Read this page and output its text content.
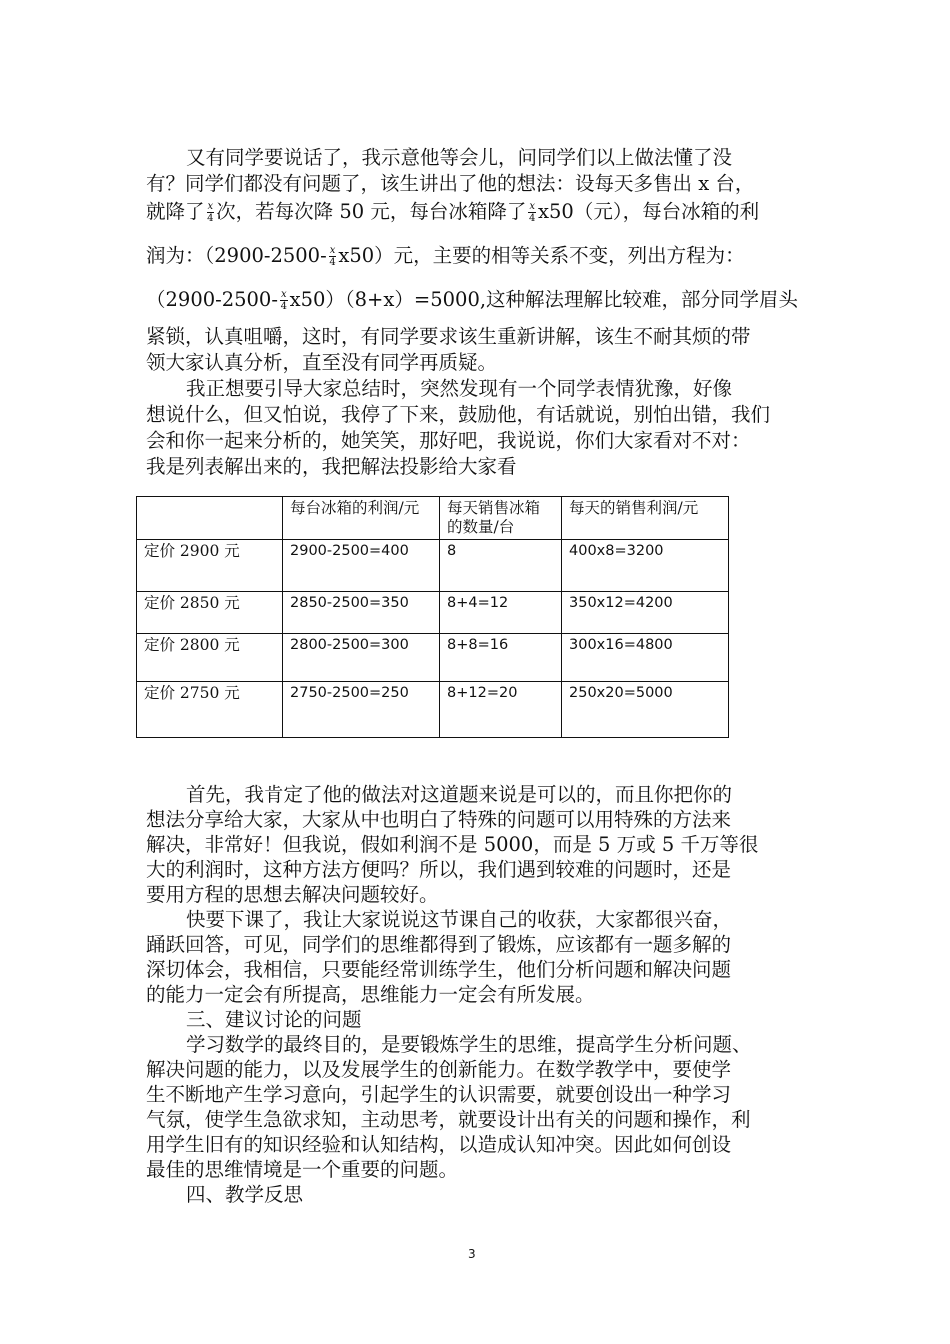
又有同学要说话了，我示意他等会儿，问同学们以上做法懂了没
有？同学们都没有问题了，该生讲出了他的想法：设每天多售出 x 台，
就降了 $\frac{x}{4}$ 次，若每次降 50 元，每台冰箱降了 $\frac{x}{4} x50$（元），每台冰箱的利
润为：$(2900-2500- \frac{x}{4} x50)$元，主要的相等关系不变，列出方程为：
$(2900-2500- \frac{x}{4} x50)(8+x)=5000$,这种解法理解比较难，部分同学眉头
紧锁，认真咀嚼，这时，有同学要求该生重新讲解，该生不耐其烦的带
领大家认真分析，直至没有同学再质疑。
我正想要引导大家总结时，突然发现有一个同学表情犹豫，好像
想说什么，但又怕说，我停了下来，鼓励他，有话就说，别怕出错，我们
会和你一起来分析的，她笑笑，那好吧，我说说，你们大家看对不对：
我是列表解出来的，我把解法投影给大家看
	每台冰箱的利润/元	每天销售冰箱的数量/台	每天的销售利润/元
定价 2900 元	2900-2500=400	8	400x8=3200
定价 2850 元	2850-2500=350	8+4=12	350x12=4200
定价 2800 元	2800-2500=300	8+8=16	300x16=4800
定价 2750 元	2750-2500=250	8+12=20	250x20=5000
首先，我肯定了他的做法对这道题来说是可以的，而且你把你的
想法分享给大家，大家从中也明白了特殊的问题可以用特殊的方法来
解决，非常好！但我说，假如利润不是 5000，而是 5 万或 5 千万等很
大的利润时，这种方法方便吗？所以，我们遇到较难的问题时，还是
要用方程的思想去解决问题较好。
快要下课了，我让大家说说这节课自己的收获，大家都很兴奋，
踊跃回答，可见，同学们的思维都得到了锻炼，应该都有一题多解的
深切体会，我相信，只要能经常训练学生，他们分析问题和解决问题
的能力一定会有所提高，思维能力一定会有所发展。
三、建议讨论的问题
学习数学的最终目的，是要锻炼学生的思维，提高学生分析问题、
解决问题的能力，以及发展学生的创新能力。在数学教学中，要使学
生不断地产生学习意向，引起学生的认识需要，就要创设出一种学习
气氛，使学生急欲求知，主动思考，就要设计出有关的问题和操作，利
用学生旧有的知识经验和认知结构，以造成认知冲突。因此如何创设
最佳的思维情境是一个重要的问题。
四、教学反思
3
